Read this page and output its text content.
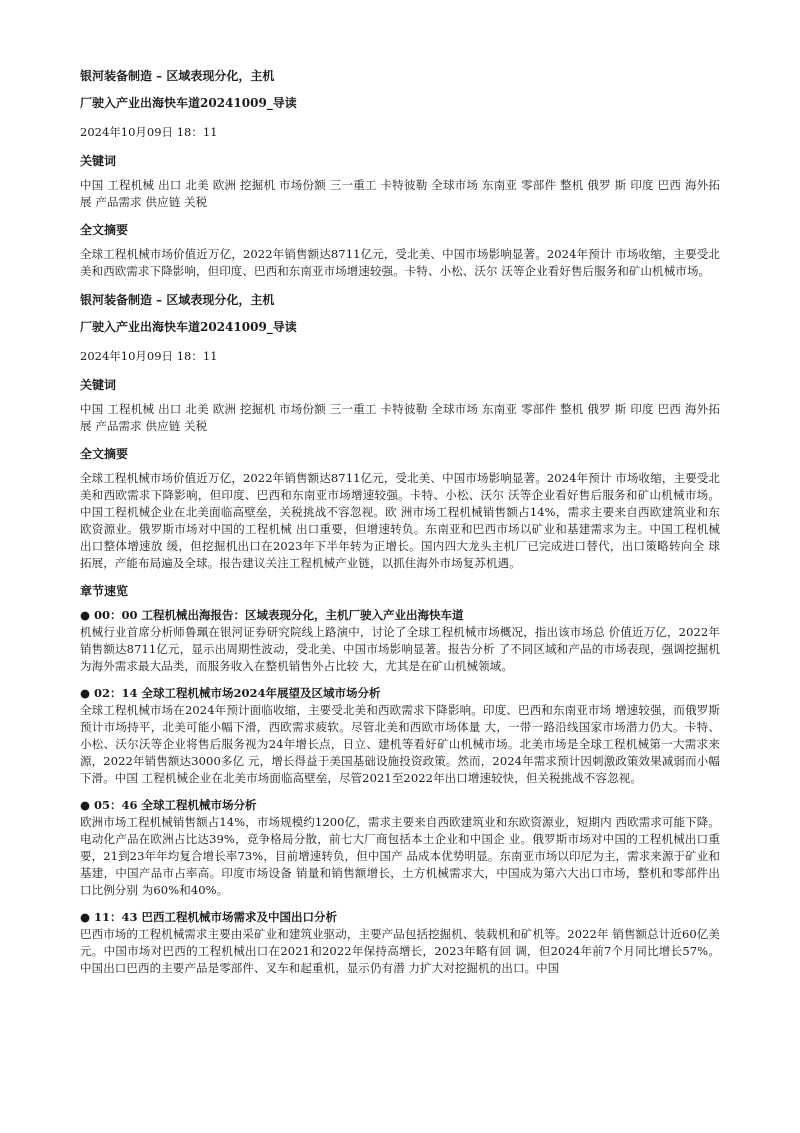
银河装备制造 – 区域表现分化，主机

厂驶入产业出海快车道20241009_导读

2024年10月09日 18：11

关键词

中国 工程机械 出口 北美 欧洲 挖掘机 市场份额 三一重工 卡特彼勒 全球市场 东南亚 零部件 整机 俄罗 斯 印度 巴西 海外拓展 产品需求 供应链 关税

全文摘要

全球工程机械市场价值近万亿，2022年销售额达8711亿元，受北美、中国市场影响显著。2024年预计 市场收缩，主要受北美和西欧需求下降影响，但印度、巴西和东南亚市场增速较强。卡特、小松、沃尔 沃等企业看好售后服务和矿山机械市场。

银河装备制造 – 区域表现分化，主机

厂驶入产业出海快车道20241009_导读

2024年10月09日 18：11

关键词

中国 工程机械 出口 北美 欧洲 挖掘机 市场份额 三一重工 卡特彼勒 全球市场 东南亚 零部件 整机 俄罗 斯 印度 巴西 海外拓展 产品需求 供应链 关税

全文摘要

全球工程机械市场价值近万亿，2022年销售额达8711亿元，受北美、中国市场影响显著。2024年预计 市场收缩，主要受北美和西欧需求下降影响，但印度、巴西和东南亚市场增速较强。卡特、小松、沃尔 沃等企业看好售后服务和矿山机械市场。中国工程机械企业在北美面临高壁垒，关税挑战不容忽视。欧 洲市场工程机械销售额占14%，需求主要来自西欧建筑业和东欧资源业。俄罗斯市场对中国的工程机械 出口重要，但增速转负。东南亚和巴西市场以矿业和基建需求为主。中国工程机械出口整体增速放 缓，但挖掘机出口在2023年下半年转为正增长。国内四大龙头主机厂已完成进口替代，出口策略转向全 球拓展，产能布局遍及全球。报告建议关注工程机械产业链，以抓住海外市场复苏机遇。

章节速览

● 00：00 工程机械出海报告：区域表现分化，主机厂驶入产业出海快车道

机械行业首席分析师鲁珮在银河证券研究院线上路演中，讨论了全球工程机械市场概况，指出该市场总 价值近万亿，2022年销售额达8711亿元，显示出周期性波动，受北美、中国市场影响显著。报告分析 了不同区域和产品的市场表现，强调挖掘机为海外需求最大品类，而服务收入在整机销售外占比较 大，尤其是在矿山机械领域。

● 02：14 全球工程机械市场2024年展望及区域市场分析

全球工程机械市场在2024年预计面临收缩，主要受北美和西欧需求下降影响。印度、巴西和东南亚市场 增速较强，而俄罗斯预计市场持平，北美可能小幅下滑，西欧需求疲软。尽管北美和西欧市场体量 大，一带一路沿线国家市场潜力仍大。卡特、小松、沃尔沃等企业将售后服务视为24年增长点，日立、建机等看好矿山机械市场。北美市场是全球工程机械第一大需求来源，2022年销售额达3000多亿 元，增长得益于美国基础设施投资政策。然而，2024年需求预计因刺激政策效果减弱而小幅下滑。中国 工程机械企业在北美市场面临高壁垒，尽管2021至2022年出口增速较快，但关税挑战不容忽视。

● 05：46 全球工程机械市场分析

欧洲市场工程机械销售额占14%，市场规模约1200亿，需求主要来自西欧建筑业和东欧资源业，短期内 西欧需求可能下降。电动化产品在欧洲占比达39%，竞争格局分散，前七大厂商包括本土企业和中国企 业。俄罗斯市场对中国的工程机械出口重要，21到23年年均复合增长率73%，目前增速转负，但中国产 品成本优势明显。东南亚市场以印尼为主，需求来源于矿业和基建，中国产品市占率高。印度市场设备 销量和销售额增长，土方机械需求大，中国成为第六大出口市场，整机和零部件出口比例分别 为60%和40%。

● 11：43 巴西工程机械市场需求及中国出口分析

巴西市场的工程机械需求主要由采矿业和建筑业驱动，主要产品包括挖掘机、装载机和矿机等。2022年 销售额总计近60亿美元。中国市场对巴西的工程机械出口在2021和2022年保持高增长，2023年略有回 调，但2024年前7个月同比增长57%。中国出口巴西的主要产品是零部件、叉车和起重机，显示仍有潜 力扩大对挖掘机的出口。中国
